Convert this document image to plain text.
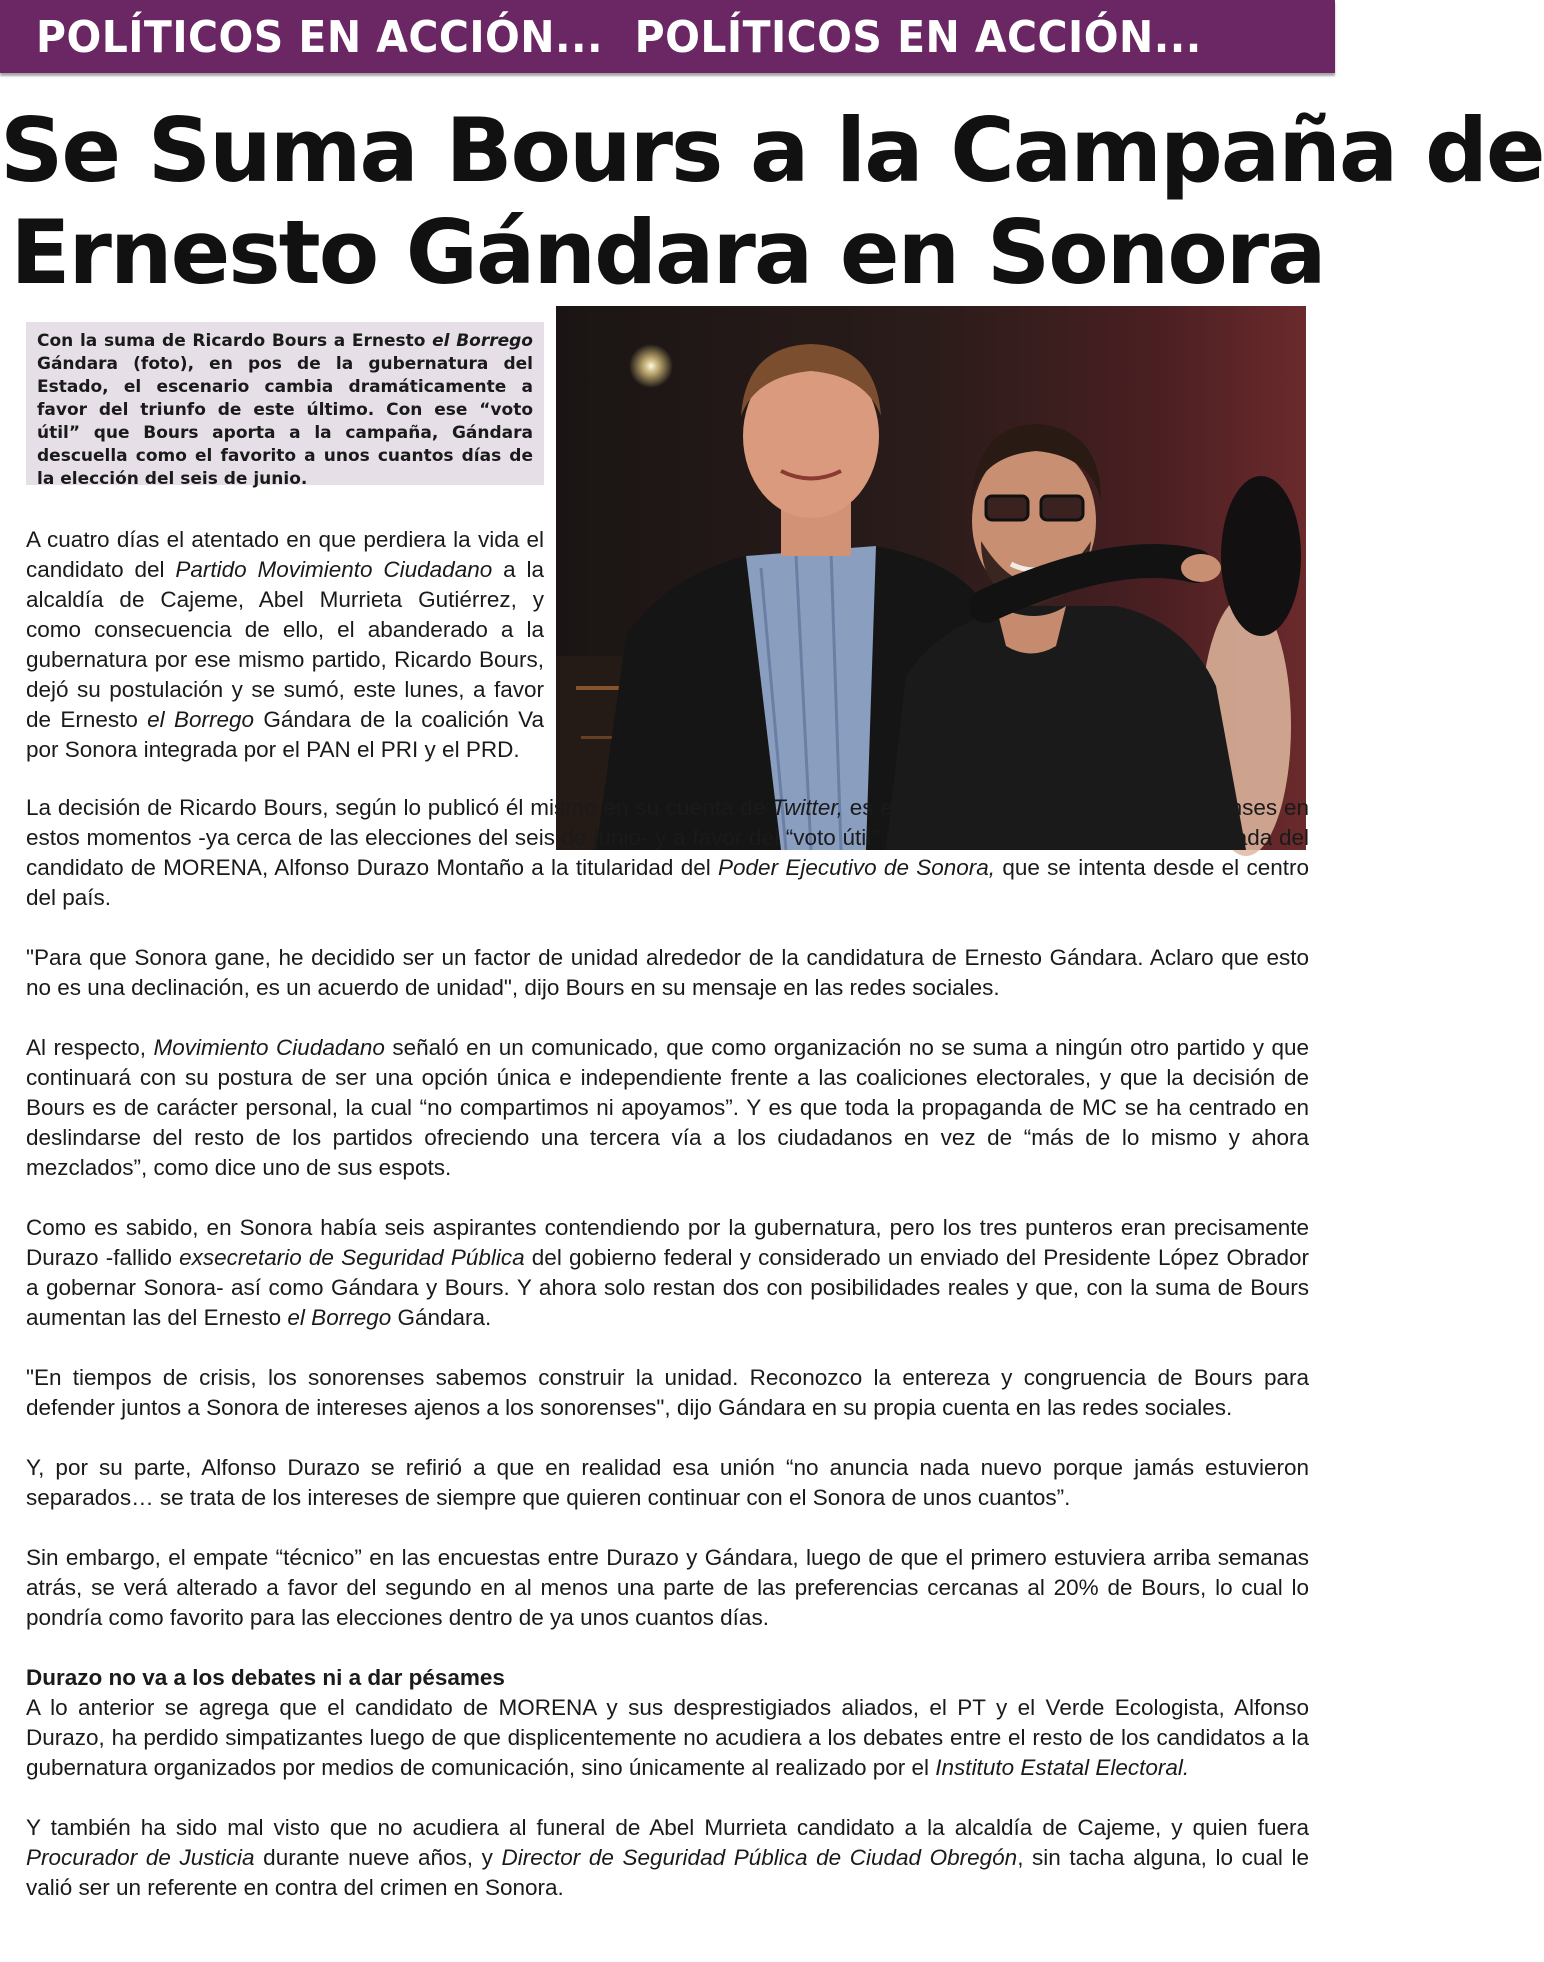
POLÍTICOS EN ACCIÓN... POLÍTICOS EN ACCIÓN...
Se Suma Bours a la Campaña de
Ernesto Gándara en Sonora
Con la suma de Ricardo Bours a Ernesto el Borrego Gándara (foto), en pos de la gubernatura del Estado, el escenario cambia dramáticamente a favor del triunfo de este último. Con ese “voto útil” que Bours aporta a la campaña, Gándara descuella como el favorito a unos cuantos días de la elección del seis de junio.

A cuatro días el atentado en que perdiera la vida el candidato del Partido Movimiento Ciudadano a la alcaldía de Cajeme, Abel Murrieta Gutiérrez, y como consecuencia de ello, el abanderado a la gubernatura por ese mismo partido, Ricardo Bours, dejó su postulación y se sumó, este lunes, a favor de Ernesto el Borrego Gándara de la coalición Va por Sonora integrada por el PAN el PRI y el PRD.

La decisión de Ricardo Bours, según lo publicó él mismo en su cuenta de Twitter, es en aras de la unidad de los sonorenses en estos momentos -ya cerca de las elecciones del seis de junio- y a favor del “voto útil” por Gándara, para evitar así la llegada del candidato de MORENA, Alfonso Durazo Montaño a la titularidad del Poder Ejecutivo de Sonora, que se intenta desde el centro del país.

"Para que Sonora gane, he decidido ser un factor de unidad alrededor de la candidatura de Ernesto Gándara. Aclaro que esto no es una declinación, es un acuerdo de unidad", dijo Bours en su mensaje en las redes sociales.

Al respecto, Movimiento Ciudadano señaló en un comunicado, que como organización no se suma a ningún otro partido y que continuará con su postura de ser una opción única e independiente frente a las coaliciones electorales, y que la decisión de Bours es de carácter personal, la cual “no compartimos ni apoyamos”. Y es que toda la propaganda de MC se ha centrado en deslindarse del resto de los partidos ofreciendo una tercera vía a los ciudadanos en vez de “más de lo mismo y ahora mezclados”, como dice uno de sus espots.

Como es sabido, en Sonora había seis aspirantes contendiendo por la gubernatura, pero los tres punteros eran precisamente Durazo -fallido exsecretario de Seguridad Pública del gobierno federal y considerado un enviado del Presidente López Obrador a gobernar Sonora- así como Gándara y Bours. Y ahora solo restan dos con posibilidades reales y que, con la suma de Bours aumentan las del Ernesto el Borrego Gándara.

"En tiempos de crisis, los sonorenses sabemos construir la unidad. Reconozco la entereza y congruencia de Bours para defender juntos a Sonora de intereses ajenos a los sonorenses", dijo Gándara en su propia cuenta en las redes sociales.

Y, por su parte, Alfonso Durazo se refirió a que en realidad esa unión “no anuncia nada nuevo porque jamás estuvieron separados… se trata de los intereses de siempre que quieren continuar con el Sonora de unos cuantos”.

Sin embargo, el empate “técnico” en las encuestas entre Durazo y Gándara, luego de que el primero estuviera arriba semanas atrás, se verá alterado a favor del segundo en al menos una parte de las preferencias cercanas al 20% de Bours, lo cual lo pondría como favorito para las elecciones dentro de ya unos cuantos días.

Durazo no va a los debates ni a dar pésames

A lo anterior se agrega que el candidato de MORENA y sus desprestigiados aliados, el PT y el Verde Ecologista, Alfonso Durazo, ha perdido simpatizantes luego de que displicentemente no acudiera a los debates entre el resto de los candidatos a la gubernatura organizados por medios de comunicación, sino únicamente al realizado por el Instituto Estatal Electoral.

Y también ha sido mal visto que no acudiera al funeral de Abel Murrieta candidato a la alcaldía de Cajeme, y quien fuera Procurador de Justicia durante nueve años, y Director de Seguridad Pública de Ciudad Obregón, sin tacha alguna, lo cual le valió ser un referente en contra del crimen en Sonora.
